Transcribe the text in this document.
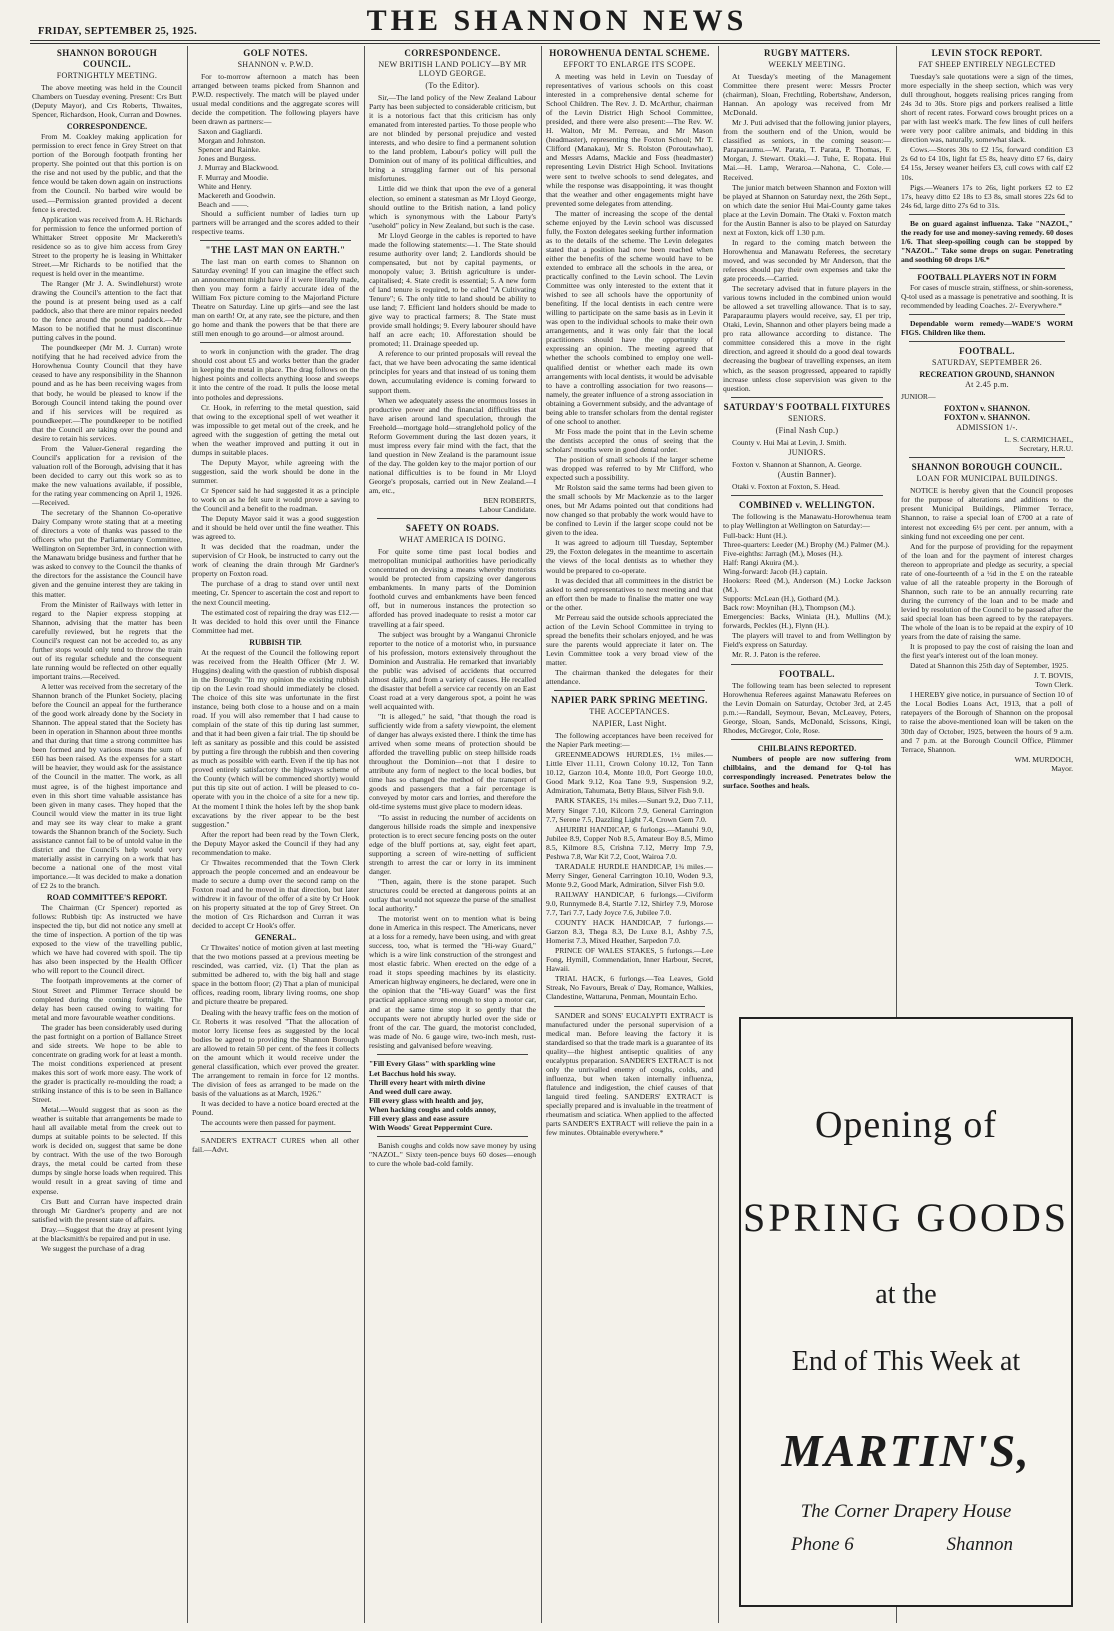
FRIDAY, SEPTEMBER 25, 1925.	THE SHANNON NEWS
SHANNON BOROUGH COUNCIL.
FORTNIGHTLY MEETING.

The above meeting was held in the Council Chambers on Tuesday evening. Present: Crs Butt (Deputy Mayor), and Crs Roberts, Thwaites, Spencer, Richardson, Hook, Curran and Downes.

CORRESPONDENCE.

From M. Coakley making application for permission to erect fence in Grey Street on that portion of the Borough footpath fronting her property. She pointed out that this portion is on the rise and not used by the public, and that the fence would be taken down again on instructions from the Council. No barbed wire would be used.—Permission granted provided a decent fence is erected.

Application was received from A. H. Richards for permission to fence the unformed portion of Whittaker Street opposite Mr Mackereth's residence so as to give him access from Grey Street to the property he is leasing in Whittaker Street.—Mr Richards to be notified that the request is held over in the meantime.

The Ranger (Mr J. A. Swindlehurst) wrote drawing the Council's attention to the fact that the pound is at present being used as a calf paddock, also that there are minor repairs needed to the fence around the pound paddock.—Mr Mason to be notified that he must discontinue putting calves in the pound.

The poundkeeper (Mr M. J. Curran) wrote notifying that he had received advice from the Horowhenua County Council that they have ceased to have any responsibility in the Shannon pound and as he has been receiving wages from that body, he would be pleased to know if the Borough Council intend taking the pound over and if his services will be required as poundkeeper.—The poundkeeper to be notified that the Council are taking over the pound and desire to retain his services.

From the Valuer-General regarding the Council's application for a revision of the valuation roll of the Borough, advising that it has been decided to carry out this work so as to make the new valuations available, if possible, for the rating year commencing on April 1, 1926.—Received.

The secretary of the Shannon Co-operative Dairy Company wrote stating that at a meeting of directors a vote of thanks was passed to the officers who put the Parliamentary Committee, Wellington on September 3rd, in connection with the Manawatu bridge business and further that he was asked to convey to the Council the thanks of the directors for the assistance the Council have given and the genuine interest they are taking in this matter.

From the Minister of Railways with letter in regard to the Napier express stopping at Shannon, advising that the matter has been carefully reviewed, but he regrets that the Council's request can not be acceded to, as any further stops would only tend to throw the train out of its regular schedule and the consequent late running would be reflected on other equally important trains.—Received.

A letter was received from the secretary of the Shannon branch of the Plunket Society, placing before the Council an appeal for the furtherance of the good work already done by the Society in Shannon. The appeal stated that the Society has been in operation in Shannon about three months and that during that time a strong committee has been formed and by various means the sum of £60 has been raised. As the expenses for a start will be heavier, they would ask for the assistance of the Council in the matter. The work, as all must agree, is of the highest importance and even in this short time valuable assistance has been given in many cases. They hoped that the Council would view the matter in its true light and may see its way clear to make a grant towards the Shannon branch of the Society. Such assistance cannot fail to be of untold value in the district and the Council's help would very materially assist in carrying on a work that has become a national one of the most vital importance.—It was decided to make a donation of £2 2s to the branch.

ROAD COMMITTEE'S REPORT.

The Chairman (Cr Spencer) reported as follows: Rubbish tip: As instructed we have inspected the tip, but did not notice any smell at the time of inspection. A portion of the tip was exposed to the view of the travelling public, which we have had covered with spoil. The tip has also been inspected by the Health Officer who will report to the Council direct.

The footpath improvements at the corner of Stout Street and Plimmer Terrace should be completed during the coming fortnight. The delay has been caused owing to waiting for metal and more favourable weather conditions.

The grader has been considerably used during the past fortnight on a portion of Ballance Street and side streets. We hope to be able to concentrate on grading work for at least a month. The moist conditions experienced at present makes this sort of work more easy. The work of the grader is practically re-moulding the road; a striking instance of this is to be seen in Ballance Street.

Metal.—Would suggest that as soon as the weather is suitable that arrangements be made to haul all available metal from the creek out to dumps at suitable points to be selected. If this work is decided on, suggest that same be done by contract. With the use of the two Borough drays, the metal could be carted from these dumps by single horse loads when required. This would result in a great saving of time and expense.

Crs Butt and Curran have inspected drain through Mr Gardner's property and are not satisfied with the present state of affairs.

Dray.—Suggest that the dray at present lying at the blacksmith's be repaired and put in use.

We suggest the purchase of a drag

GOLF NOTES.
SHANNON v. P.W.D.

For to-morrow afternoon a match has been arranged between teams picked from Shannon and P.W.D. respectively. The match will be played under usual medal conditions and the aggregate scores will decide the competition. The following players have been drawn as partners:—

Saxon and Gagliardi.
Morgan and Johnston.
Spencer and Rainke.
Jones and Burgess.
J. Murray and Blackwood.
F. Murray and Moodie.
White and Henry.
Mackereth and Goodwin.
Beach and ——.

Should a sufficient number of ladies turn up partners will be arranged and the scores added to their respective teams.

"THE LAST MAN ON EARTH."

The last man on earth comes to Shannon on Saturday evening! If you can imagine the effect such an announcement might have if it were literally made, then you may form a fairly accurate idea of the William Fox picture coming to the Majorland Picture Theatre on Saturday. Line up girls—and see the last man on earth! Or, at any rate, see the picture, and then go home and thank the powers that be that there are still men enough to go around—or almost around.

to work in conjunction with the grader. The drag should cost about £5 and works better than the grader in keeping the metal in place. The drag follows on the highest points and collects anything loose and sweeps it into the centre of the road. It pulls the loose metal into potholes and depressions.

Cr. Hook, in referring to the metal question, said that owing to the exceptional spell of wet weather it was impossible to get metal out of the creek, and he agreed with the suggestion of getting the metal out when the weather improved and putting it out in dumps in suitable places.

The Deputy Mayor, while agreeing with the suggestion, said the work should be done in the summer.

Cr Spencer said he had suggested it as a principle to work on as he felt sure it would prove a saving to the Council and a benefit to the roadman.

The Deputy Mayor said it was a good suggestion and it should be held over until the fine weather. This was agreed to.

It was decided that the roadman, under the supervision of Cr Hook, be instructed to carry out the work of cleaning the drain through Mr Gardner's property on Foxton road.

The purchase of a drag to stand over until next meeting, Cr. Spencer to ascertain the cost and report to the next Council meeting.

The estimated cost of repairing the dray was £12.—It was decided to hold this over until the Finance Committee had met.

RUBBISH TIP.

At the request of the Council the following report was received from the Health Officer (Mr J. W. Huggins) dealing with the question of rubbish disposal in the Borough: "In my opinion the existing rubbish tip on the Levin road should immediately be closed. The choice of this site was unfortunate in the first instance, being both close to a house and on a main road. If you will also remember that I had cause to complain of the state of this tip during last summer, and that it had been given a fair trial. The tip should be left as sanitary as possible and this could be assisted by putting a fire through the rubbish and then covering as much as possible with earth. Even if the tip has not proved entirely satisfactory the highways scheme of the County (which will be commenced shortly) would put this tip site out of action. I will be pleased to co-operate with you in the choice of a site for a new tip. At the moment I think the holes left by the shop bank excavations by the river appear to be the best suggestion."

After the report had been read by the Town Clerk, the Deputy Mayor asked the Council if they had any recommendation to make.

Cr Thwaites recommended that the Town Clerk approach the people concerned and an endeavour be made to secure a dump over the second ramp on the Foxton road and he moved in that direction, but later withdrew it in favour of the offer of a site by Cr Hook on his property situated at the top of Grey Street. On the motion of Crs Richardson and Curran it was decided to accept Cr Hook's offer.

GENERAL.

Cr Thwaites' notice of motion given at last meeting that the two motions passed at a previous meeting be rescinded, was carried, viz. (1) That the plan as submitted be adhered to, with the big hall and stage space in the bottom floor; (2) That a plan of municipal offices, reading room, library living rooms, one shop and picture theatre be prepared.

Dealing with the heavy traffic fees on the motion of Cr. Roberts it was resolved "That the allocation of motor lorry license fees as suggested by the local bodies be agreed to providing the Shannon Borough are allowed to retain 50 per cent. of the fees it collects on the amount which it would receive under the general classification, which ever proved the greater. The arrangement to remain in force for 12 months. The division of fees as arranged to be made on the basis of the valuations as at March, 1926."

It was decided to have a notice board erected at the Pound.

The accounts were then passed for payment.

SANDER'S EXTRACT CURES when all other fail.—Advt.

CORRESPONDENCE.
NEW BRITISH LAND POLICY—BY MR LLOYD GEORGE.
(To the Editor).

Sir,—The land policy of the New Zealand Labour Party has been subjected to considerable criticism, but it is a notorious fact that this criticism has only emanated from interested parties. To those people who are not blinded by personal prejudice and vested interests, and who desire to find a permanent solution to the land problem, Labour's policy will pull the Dominion out of many of its political difficulties, and bring a struggling farmer out of his personal misfortunes.

Little did we think that upon the eve of a general election, so eminent a statesman as Mr Lloyd George, should outline to the British nation, a land policy which is synonymous with the Labour Party's "usehold" policy in New Zealand, but such is the case.

Mr Lloyd George in the cables is reported to have made the following statements:—1. The State should resume authority over land; 2. Landlords should be compensated, but not by capital payments, or monopoly value; 3. British agriculture is under-capitalised; 4. State credit is essential; 5. A new form of land tenure is required, to be called "A Cultivating Tenure"; 6. The only title to land should be ability to use land; 7. Efficient land holders should be made to give way to practical farmers; 8. The State must provide small holdings; 9. Every labourer should have half an acre each; 10. Afforestation should be promoted; 11. Drainage speeded up.

A reference to our printed proposals will reveal the fact, that we have been advocating the same identical principles for years and that instead of us toning them down, accumulating evidence is coming forward to support them.

When we adequately assess the enormous losses in productive power and the financial difficulties that have arisen around land speculation, through the Freehold—mortgage hold—stranglehold policy of the Reform Government during the last dozen years, it must impress every fair mind with the fact, that the land question in New Zealand is the paramount issue of the day. The golden key to the major portion of our national difficulties is to be found in Mr Lloyd George's proposals, carried out in New Zealand.—I am, etc.,

BEN ROBERTS,
Labour Candidate.

SAFETY ON ROADS.
WHAT AMERICA IS DOING.

For quite some time past local bodies and metropolitan municipal authorities have periodically concentrated on devising a means whereby motorists would be protected from capsizing over dangerous embankments. In many parts of the Dominion foothold curves and embankments have been fenced off, but in numerous instances the protection so afforded has proved inadequate to resist a motor car travelling at a fair speed.

The subject was brought by a Wanganui Chronicle reporter to the notice of a motorist who, in pursuance of his profession, motors extensively throughout the Dominion and Australia. He remarked that invariably the public was advised of accidents that occurred almost daily, and from a variety of causes. He recalled the disaster that befell a service car recently on an East Coast road at a very dangerous spot, a point he was well acquainted with.

"It is alleged," he said, "that though the road is sufficiently wide from a safety viewpoint, the element of danger has always existed there. I think the time has arrived when some means of protection should be afforded the travelling public on steep hillside roads throughout the Dominion—not that I desire to attribute any form of neglect to the local bodies, but time has so changed the method of the transport of goods and passengers that a fair percentage is conveyed by motor cars and lorries, and therefore the old-time systems must give place to modern ideas.

"To assist in reducing the number of accidents on dangerous hillside roads the simple and inexpensive protection is to erect secure fencing posts on the outer edge of the bluff portions at, say, eight feet apart, supporting a screen of wire-netting of sufficient strength to arrest the car or lorry in its imminent danger.

"Then, again, there is the stone parapet. Such structures could be erected at dangerous points at an outlay that would not squeeze the purse of the smallest local authority."

The motorist went on to mention what is being done in America in this respect. The Americans, never at a loss for a remedy, have been using, and with great success, too, what is termed the "Hi-way Guard," which is a wire link construction of the strongest and most elastic fabric. When erected on the edge of a road it stops speeding machines by its elasticity. American highway engineers, he declared, were one in the opinion that the "Hi-way Guard" was the first practical appliance strong enough to stop a motor car, and at the same time stop it so gently that the occupants were not abruptly hurled over the side or front of the car. The guard, the motorist concluded, was made of No. 6 gauge wire, two-inch mesh, rust-resisting and galvanised before weaving.

"Fill Every Glass" with sparkling wine

Let Bacchus hold his sway.
Thrill every heart with mirth divine
And weed dull care away.
Fill every glass with health and joy,
When hacking coughs and colds annoy,
Fill every glass and ease assure
With Woods' Great Peppermint Cure.

Banish coughs and colds now save money by using "NAZOL." Sixty teen-pence buys 60 doses—enough to cure the whole bad-cold family.

HOROWHENUA DENTAL SCHEME.
EFFORT TO ENLARGE ITS SCOPE.

A meeting was held in Levin on Tuesday of representatives of various schools on this coast interested in a comprehensive dental scheme for School Children. The Rev. J. D. McArthur, chairman of the Levin District High School Committee, presided, and there were also present:—The Rev. W. H. Walton, Mr M. Perreau, and Mr Mason (headmaster), representing the Foxton School; Mr T. Clifford (Manakau), Mr S. Rolston (Poroutawhao), and Messrs Adams, Mackie and Foss (headmaster) representing Levin District High School. Invitations were sent to twelve schools to send delegates, and while the response was disappointing, it was thought that the weather and other engagements might have prevented some delegates from attending.

The matter of increasing the scope of the dental scheme enjoyed by the Levin school was discussed fully, the Foxton delegates seeking further information as to the details of the scheme. The Levin delegates stated that a position had now been reached when either the benefits of the scheme would have to be extended to embrace all the schools in the area, or practically confined to the Levin school. The Levin Committee was only interested to the extent that it wished to see all schools have the opportunity of benefiting. If the local dentists in each centre were willing to participate on the same basis as in Levin it was open to the individual schools to make their own arrangements, and it was only fair that the local practitioners should have the opportunity of expressing an opinion. The meeting agreed that whether the schools combined to employ one well-qualified dentist or whether each made its own arrangements with local dentists, it would be advisable to have a controlling association for two reasons—namely, the greater influence of a strong association in obtaining a Government subsidy, and the advantage of being able to transfer scholars from the dental register of one school to another.

Mr Foss made the point that in the Levin scheme the dentists accepted the onus of seeing that the scholars' mouths were in good dental order.

The position of small schools if the larger scheme was dropped was referred to by Mr Clifford, who expected such a possibility.

Mr Rolston said the same terms had been given to the small schools by Mr Mackenzie as to the larger ones, but Mr Adams pointed out that conditions had now changed so that probably the work would have to be confined to Levin if the larger scope could not be given to the idea.

It was agreed to adjourn till Tuesday, September 29, the Foxton delegates in the meantime to ascertain the views of the local dentists as to whether they would be prepared to co-operate.

It was decided that all committees in the district be asked to send representatives to next meeting and that an effort then be made to finalise the matter one way or the other.

Mr Perreau said the outside schools appreciated the action of the Levin School Committee in trying to spread the benefits their scholars enjoyed, and he was sure the parents would appreciate it later on. The Levin Committee took a very broad view of the matter.

The chairman thanked the delegates for their attendance.

NAPIER PARK SPRING MEETING.
THE ACCEPTANCES.
NAPIER, Last Night.

The following acceptances have been received for the Napier Park meeting:—

GREENMEADOWS HURDLES, 1½ miles.—Little Elver 11.11, Crown Colony 10.12, Ton Tann 10.12, Garzon 10.4, Monte 10.0, Port George 10.0, Good Mark 9.12, Koa Tane 9.9, Suspension 9.2, Admiration, Tahumata, Betty Blaus, Silver Fish 9.0.

PARK STAKES, 1¼ miles.—Sunart 9.2, Duo 7.11, Merry Singer 7.10, Kilcorn 7.9, General Carrington 7.7, Serene 7.5, Dazzling Light 7.4, Crown Gem 7.0.

AHURIRI HANDICAP, 6 furlongs.—Manuhi 9.0, Jubilee 8.9, Copper Nob 8.5, Amateur Boy 8.5, Mimo 8.5, Kilmore 8.5, Crishna 7.12, Merry Imp 7.9, Peshwa 7.8, War Kit 7.2, Coot, Wairoa 7.0.

TARADALE HURDLE HANDICAP, 1¾ miles.—Merry Singer, General Carrington 10.10, Woden 9.3, Monte 9.2, Good Mark, Admiration, Silver Fish 9.0.

RAILWAY HANDICAP, 6 furlongs.—Civiform 9.0, Runnymede 8.4, Startle 7.12, Shirley 7.9, Morose 7.7, Tari 7.7, Lady Joyce 7.6, Jubilee 7.0.

COUNTY HACK HANDICAP, 7 furlongs.—Garzon 8.3, Thega 8.3, De Luxe 8.1, Ashby 7.5, Homerist 7.3, Mixed Heather, Sarpedon 7.0.

PRINCE OF WALES STAKES, 5 furlongs.—Lee Fong, Hymill, Commendation, Inner Harbour, Secret, Hawaii.

TRIAL HACK, 6 furlongs.—Tea Leaves, Gold Streak, No Favours, Break o' Day, Romance, Walkies, Clandestine, Wattaruna, Penman, Mountain Echo.

SANDER and SONS' EUCALYPTI EXTRACT is manufactured under the personal supervision of a medical man. Before leaving the factory it is standardised so that the trade mark is a guarantee of its quality—the highest antiseptic qualities of any eucalyptus preparation. SANDER'S EXTRACT is not only the unrivalled enemy of coughs, colds, and influenza, but when taken internally influenza, flatulence and indigestion, the chief causes of that languid tired feeling. SANDERS' EXTRACT is specially prepared and is invaluable in the treatment of rheumatism and sciatica. When applied to the affected parts SANDER'S EXTRACT will relieve the pain in a few minutes. Obtainable everywhere.*

RUGBY MATTERS.
WEEKLY MEETING.

At Tuesday's meeting of the Management Committee there present were: Messrs Procter (chairman), Sloan, Frechtling, Robertshaw, Anderson, Hannan. An apology was received from Mr McDonald.

Mr J. Puti advised that the following junior players, from the southern end of the Union, would be classified as seniors, in the coming season:—Paraparaumu.—W. Parata, T. Parata, P. Thomas, F. Morgan, J. Stewart. Otaki.—J. Tuhe, E. Ropata. Hui Mai.—H. Lamp, Weraroa.—Nahona, C. Cole.—Received.

The junior match between Shannon and Foxton will be played at Shannon on Saturday next, the 26th Sept., on which date the senior Hui Mai-County game takes place at the Levin Domain. The Otaki v. Foxton match for the Austin Banner is also to be played on Saturday next at Foxton, kick off 1.30 p.m.

In regard to the coming match between the Horowhenua and Manawatu Referees, the secretary moved, and was seconded by Mr Anderson, that the referees should pay their own expenses and take the gate proceeds.—Carried.

The secretary advised that in future players in the various towns included in the combined union would be allowed a set travelling allowance. That is to say, Paraparaumu players would receive, say, £1 per trip, Otaki, Levin, Shannon and other players being made a pro rata allowance according to distance. The committee considered this a move in the right direction, and agreed it should do a good deal towards decreasing the bugbear of travelling expenses, an item which, as the season progressed, appeared to rapidly increase unless close supervision was given to the question.

SATURDAY'S FOOTBALL FIXTURES
SENIORS.
(Final Nash Cup.)

County v. Hui Mai at Levin, J. Smith.

JUNIORS.

Foxton v. Shannon at Shannon, A. George.

(Austin Banner).

Otaki v. Foxton at Foxton, S. Head.

COMBINED v. WELLINGTON.

The following is the Manawatu-Horowhenua team to play Wellington at Wellington on Saturday:—

Full-back: Hunt (H.).
Three-quarters: Leeder (M.) Brophy (M.) Palmer (M.).
Five-eighths: Jarragh (M.), Moses (H.).
Half: Rangi Akuira (M.).
Wing-forward: Jacob (H.) captain.
Hookers: Reed (M.), Anderson (M.) Locke Jackson (M.).
Supports: McLean (H.), Gothard (M.).
Back row: Moynihan (H.), Thompson (M.).
Emergencies: Backs, Winiata (H.), Mullins (M.); forwards, Peckles (H.), Flynn (H.).

The players will travel to and from Wellington by Field's express on Saturday.

Mr. R. J. Paton is the referee.

FOOTBALL.

The following team has been selected to represent Horowhenua Referees against Manawatu Referees on the Levin Domain on Saturday, October 3rd, at 2.45 p.m.:—Randall, Seymour, Bevan, McLeavey, Peters, George, Sloan, Sands, McDonald, Scissons, Kingi, Rhodes, McGregor, Cole, Rose.

CHILBLAINS REPORTED.

Numbers of people are now suffering from chilblains, and the demand for Q-tol has correspondingly increased. Penetrates below the surface. Soothes and heals.

LEVIN STOCK REPORT.
FAT SHEEP ENTIRELY NEGLECTED

Tuesday's sale quotations were a sign of the times, more especially in the sheep section, which was very dull throughout, hoggets realising prices ranging from 24s 3d to 30s. Store pigs and porkers realised a little short of recent rates. Forward cows brought prices on a par with last week's mark. The few lines of cull heifers were very poor calibre animals, and bidding in this direction was, naturally, somewhat slack.

Cows.—Stores 30s to £2 15s, forward condition £3 2s 6d to £4 10s, light fat £5 8s, heavy ditto £7 6s, dairy £4 15s, Jersey weaner heifers £3, cull cows with calf £2 10s.

Pigs.—Weaners 17s to 26s, light porkers £2 to £2 17s, heavy ditto £2 18s to £3 8s, small stores 22s 6d to 24s 6d, large ditto 27s 6d to 31s.

Be on guard against influenza. Take "NAZOL," the ready for use and money-saving remedy. 60 doses 1/6. That sleep-spoiling cough can be stopped by "NAZOL." Take some drops on sugar. Penetrating and soothing 60 drops 1/6.*

FOOTBALL PLAYERS NOT IN FORM

For cases of muscle strain, stiffness, or shin-soreness, Q-tol used as a massage is penetrative and soothing. It is recommended by leading Coaches. 2/- Everywhere.*

Dependable worm remedy—WADE'S WORM FIGS. Children like them.

FOOTBALL.
SATURDAY, SEPTEMBER 26.
RECREATION GROUND, SHANNON
At 2.45 p.m.

JUNIOR—

FOXTON v. SHANNON.
FOXTON v. SHANNON.
ADMISSION 1/-.

L. S. CARMICHAEL,
Secretary, H.R.U.

SHANNON BOROUGH COUNCIL.
LOAN FOR MUNICIPAL BUILDINGS.

NOTICE is hereby given that the Council proposes for the purpose of alterations and additions to the present Municipal Buildings, Plimmer Terrace, Shannon, to raise a special loan of £700 at a rate of interest not exceeding 6½ per cent. per annum, with a sinking fund not exceeding one per cent.

And for the purpose of providing for the repayment of the loan and for the payment of interest charges thereon to appropriate and pledge as security, a special rate of one-fourteenth of a ½d in the £ on the rateable value of all the rateable property in the Borough of Shannon, such rate to be an annually recurring rate during the currency of the loan and to be made and levied by resolution of the Council to be passed after the said special loan has been agreed to by the ratepayers. The whole of the loan is to be repaid at the expiry of 10 years from the date of raising the same.

It is proposed to pay the cost of raising the loan and the first year's interest out of the loan money.

Dated at Shannon this 25th day of September, 1925.

J. T. BOVIS,
Town Clerk.

I HEREBY give notice, in pursuance of Section 10 of the Local Bodies Loans Act, 1913, that a poll of ratepayers of the Borough of Shannon on the proposal to raise the above-mentioned loan will be taken on the 30th day of October, 1925, between the hours of 9 a.m. and 7 p.m. at the Borough Council Office, Plimmer Terrace, Shannon.

WM. MURDOCH,
Mayor.

Opening of
SPRING GOODS
at the
End of This Week at
MARTIN'S,
The Corner Drapery House
Phone 6	Shannon
